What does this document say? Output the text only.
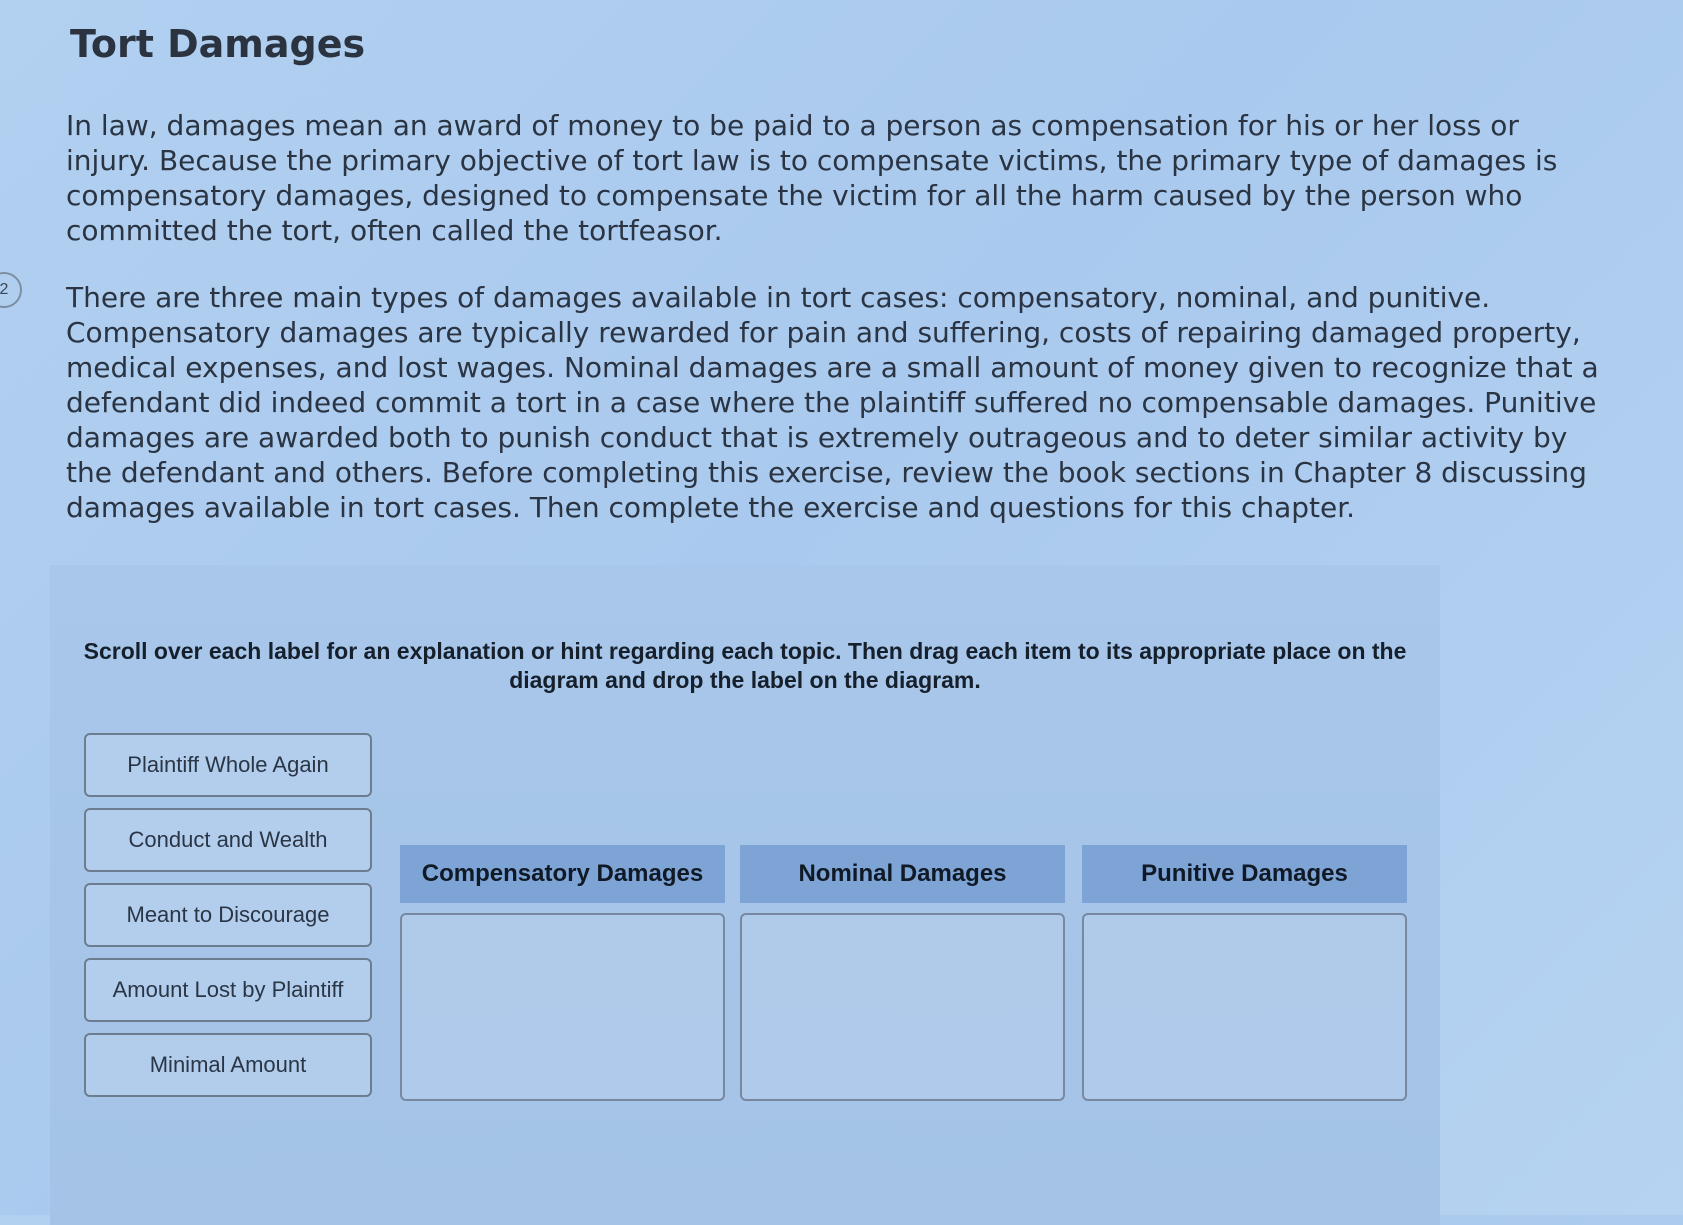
Tort Damages
2

In law, damages mean an award of money to be paid to a person as compensation for his or her loss or injury. Because the primary objective of tort law is to compensate victims, the primary type of damages is compensatory damages, designed to compensate the victim for all the harm caused by the person who committed the tort, often called the tortfeasor.

There are three main types of damages available in tort cases: compensatory, nominal, and punitive. Compensatory damages are typically rewarded for pain and suffering, costs of repairing damaged property, medical expenses, and lost wages. Nominal damages are a small amount of money given to recognize that a defendant did indeed commit a tort in a case where the plaintiff suffered no compensable damages. Punitive damages are awarded both to punish conduct that is extremely outrageous and to deter similar activity by the defendant and others. Before completing this exercise, review the book sections in Chapter 8 discussing damages available in tort cases. Then complete the exercise and questions for this chapter.

Scroll over each label for an explanation or hint regarding each topic. Then drag each item to its appropriate place on the diagram and drop the label on the diagram.

Plaintiff Whole Again
Conduct and Wealth
Meant to Discourage
Amount Lost by Plaintiff
Minimal Amount
Compensatory Damages	Nominal Damages	Punitive Damages
